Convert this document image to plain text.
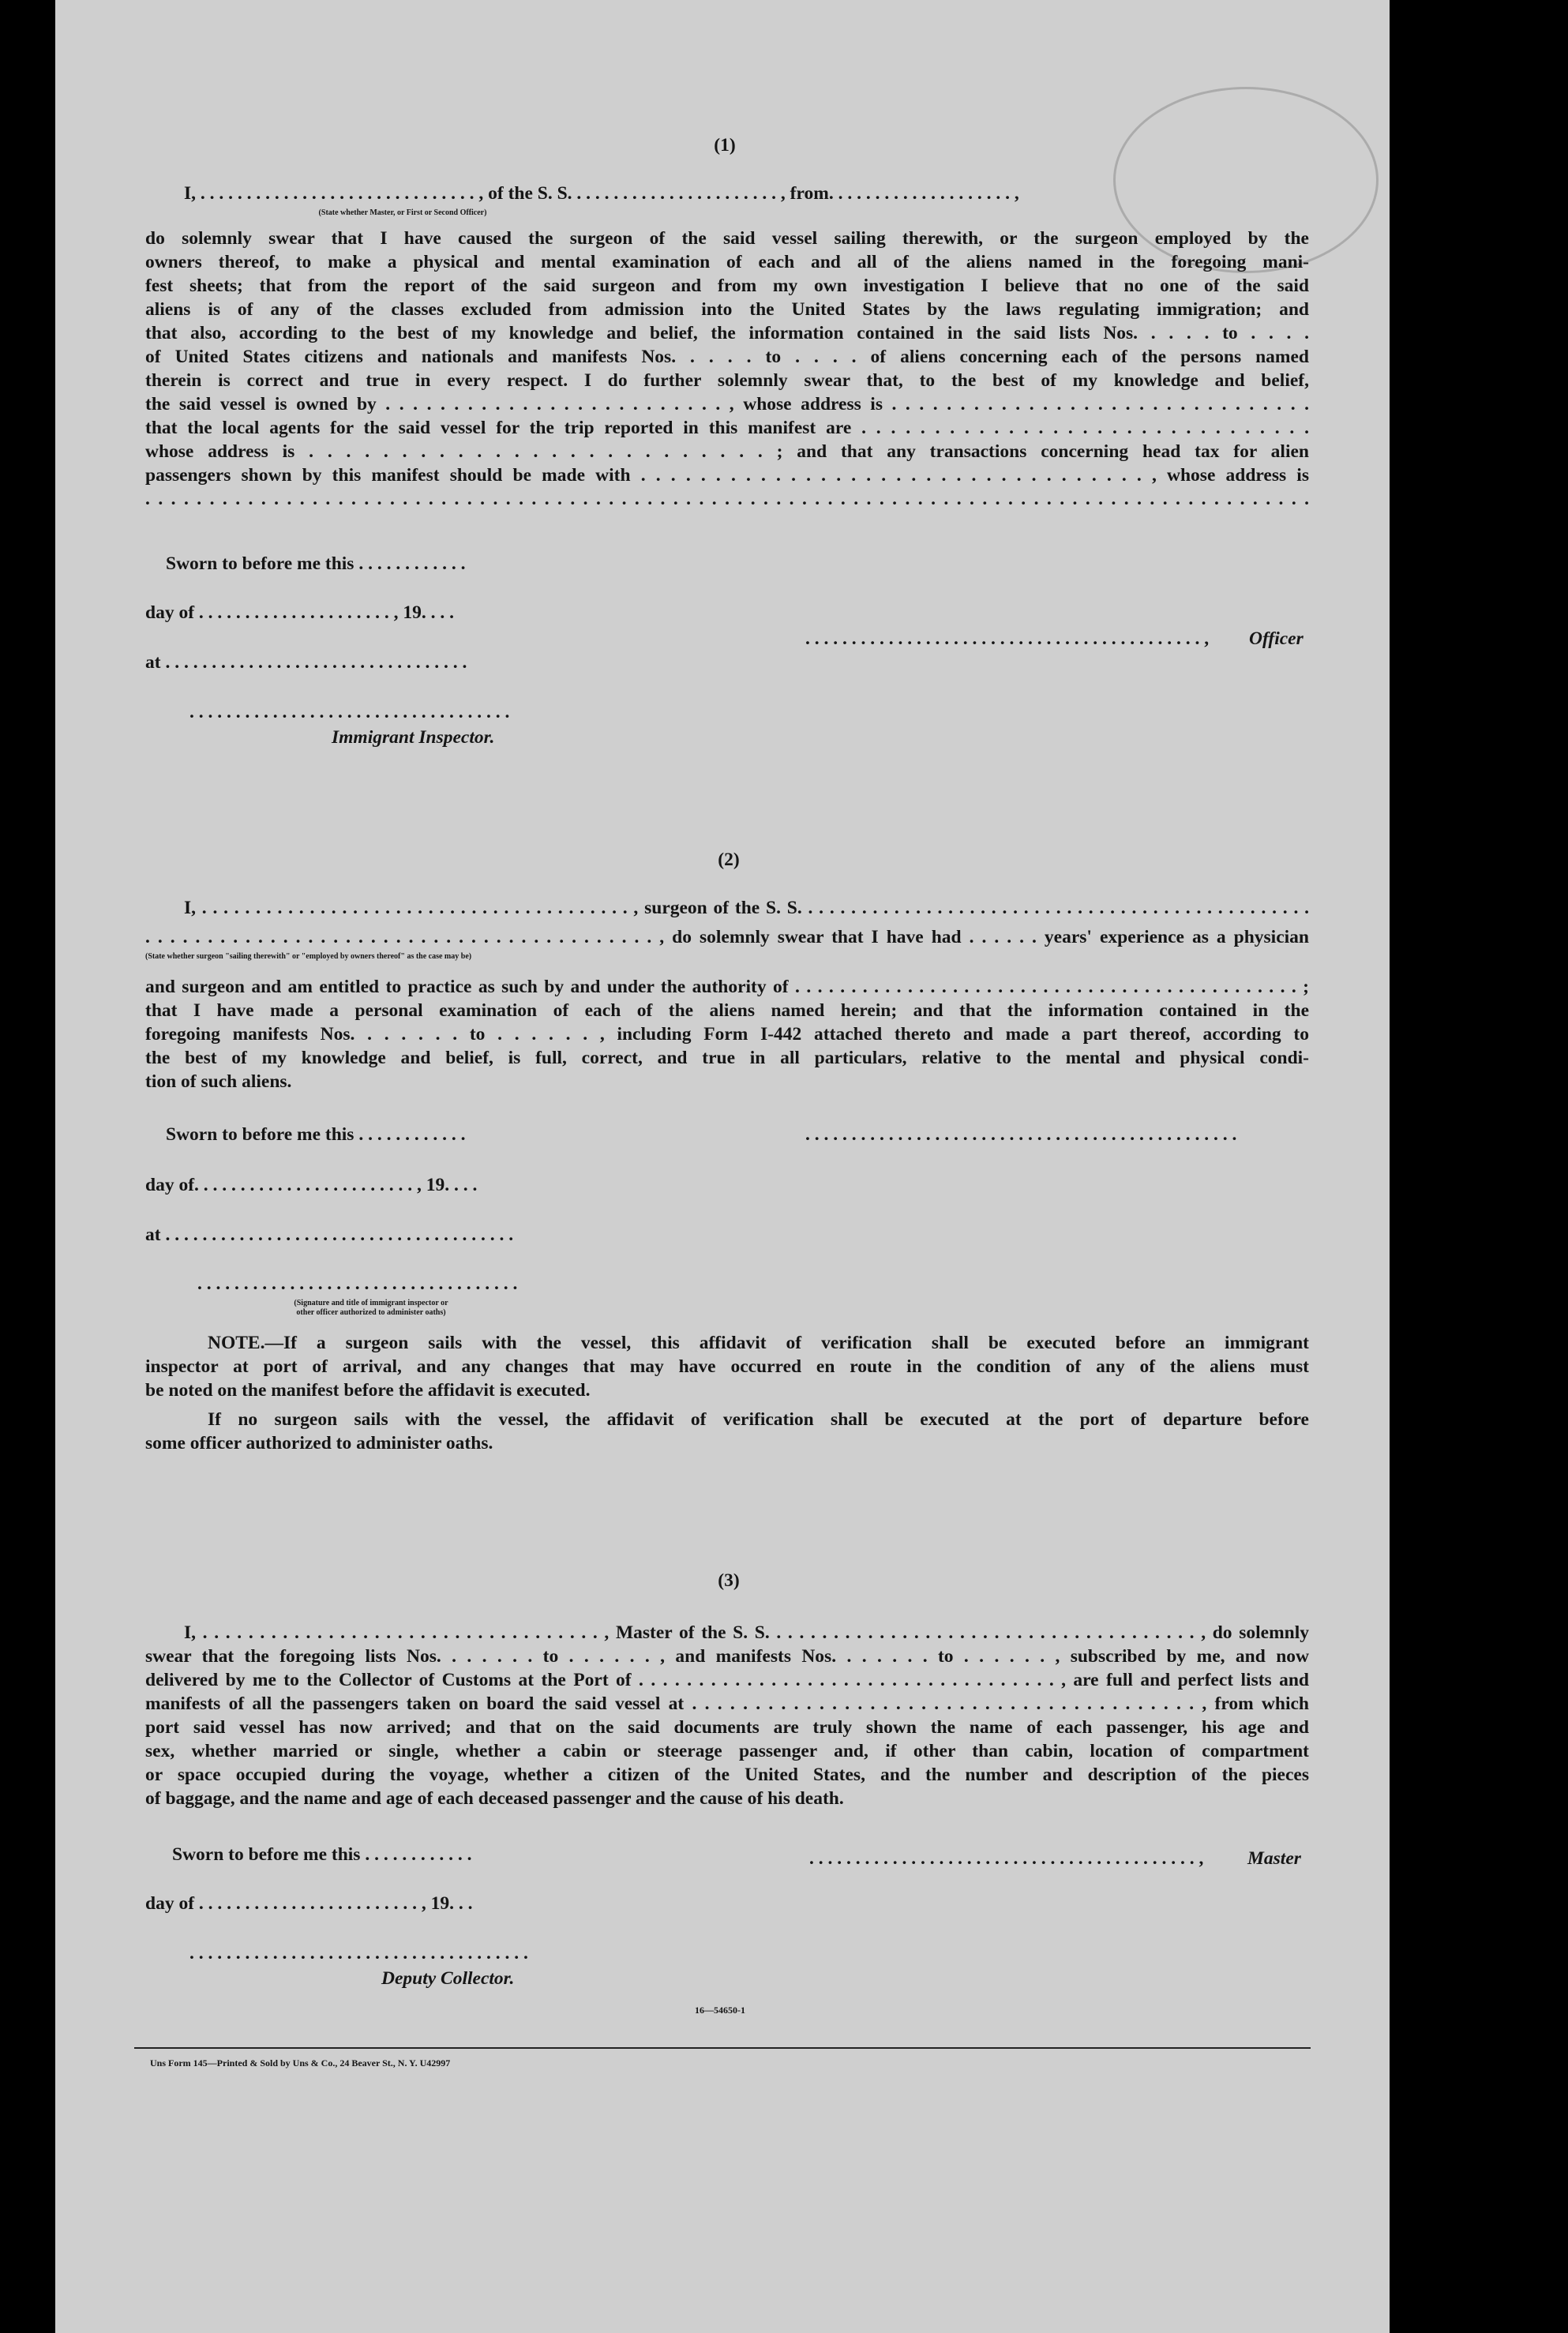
(1)
I, . . . . . . . . . . . . . . . . . . . . . . . . . . . . . . , of the S. S. . . . . . . . . . . . . . . . . . . . . . . , from. . . . . . . . . . . . . . . . . . . . ,
(State whether Master, or First or Second Officer)
do solemnly swear that I have caused the surgeon of the said vessel sailing therewith, or the surgeon employed by the
owners thereof, to make a physical and mental examination of each and all of the aliens named in the foregoing mani-
fest sheets; that from the report of the said surgeon and from my own investigation I believe that no one of the said
aliens is of any of the classes excluded from admission into the United States by the laws regulating immigration; and
that also, according to the best of my knowledge and belief, the information contained in the said lists Nos. . . . . to . . . .
of United States citizens and nationals and manifests Nos. . . . . to . . . . of aliens concerning each of the persons named
therein is correct and true in every respect. I do further solemnly swear that, to the best of my knowledge and belief,
the said vessel is owned by . . . . . . . . . . . . . . . . . . . . . . . . . , whose address is . . . . . . . . . . . . . . . . . . . . . . . . . . . . . . .
that the local agents for the said vessel for the trip reported in this manifest are . . . . . . . . . . . . . . . . . . . . . . . . . . . . . . .
whose address is . . . . . . . . . . . . . . . . . . . . . . . . . ; and that any transactions concerning head tax for alien
passengers shown by this manifest should be made with . . . . . . . . . . . . . . . . . . . . . . . . . . . . . . . . . . , whose address is
. . . . . . . . . . . . . . . . . . . . . . . . . . . . . . . . . . . . . . . . . . . . . . . . . . . . . . . . . . . . . . . . . . . . . . . . . . . . . . . . . . . . . . . . . . .
Sworn to before me this . . . . . . . . . . . .
day of . . . . . . . . . . . . . . . . . . . . . , 19. . . .
at . . . . . . . . . . . . . . . . . . . . . . . . . . . . . . . . .
. . . . . . . . . . . . . . . . . . . . . . . . . . . . . . . . . . .
Immigrant Inspector.
. . . . . . . . . . . . . . . . . . . . . . . . . . . . . . . . . . . . . . . . . . . ,	Officer
(2)
I, . . . . . . . . . . . . . . . . . . . . . . . . . . . . . . . . . . . . . . . . , surgeon of the S. S. . . . . . . . . . . . . . . . . . . . . . . . . . . . . . . . . . . . . . . . . . . . . . . .
. . . . . . . . . . . . . . . . . . . . . . . . . . . . . . . . . . . . . . . . . , do solemnly swear that I have had . . . . . . years' experience as a physician
(State whether surgeon "sailing therewith" or "employed by owners thereof" as the case may be)
and surgeon and am entitled to practice as such by and under the authority of . . . . . . . . . . . . . . . . . . . . . . . . . . . . . . . . . . . . . . . . . . . . . ;
that I have made a personal examination of each of the aliens named herein; and that the information contained in the
foregoing manifests Nos. . . . . . . to . . . . . . , including Form I-442 attached thereto and made a part thereof, according to
the best of my knowledge and belief, is full, correct, and true in all particulars, relative to the mental and physical condi-
tion of such aliens.
Sworn to before me this . . . . . . . . . . . .
day of. . . . . . . . . . . . . . . . . . . . . . . . , 19. . . .
at . . . . . . . . . . . . . . . . . . . . . . . . . . . . . . . . . . . . . .
. . . . . . . . . . . . . . . . . . . . . . . . . . . . . . . . . . . . . . . . . . . . . . .
. . . . . . . . . . . . . . . . . . . . . . . . . . . . . . . . . . .
(Signature and title of immigrant inspector or
other officer authorized to administer oaths)
NOTE.—If a surgeon sails with the vessel, this affidavit of verification shall be executed before an immigrant
inspector at port of arrival, and any changes that may have occurred en route in the condition of any of the aliens must
be noted on the manifest before the affidavit is executed.
If no surgeon sails with the vessel, the affidavit of verification shall be executed at the port of departure before
some officer authorized to administer oaths.
(3)
I, . . . . . . . . . . . . . . . . . . . . . . . . . . . . . . . . . . . , Master of the S. S. . . . . . . . . . . . . . . . . . . . . . . . . . . . . . . . . . . . . . , do solemnly
swear that the foregoing lists Nos. . . . . . . to . . . . . . , and manifests Nos. . . . . . . to . . . . . . , subscribed by me, and now
delivered by me to the Collector of Customs at the Port of . . . . . . . . . . . . . . . . . . . . . . . . . . . . . . . . . . . , are full and perfect lists and
manifests of all the passengers taken on board the said vessel at . . . . . . . . . . . . . . . . . . . . . . . . . . . . . . . . . . . . . . . . , from which
port said vessel has now arrived; and that on the said documents are truly shown the name of each passenger, his age and
sex, whether married or single, whether a cabin or steerage passenger and, if other than cabin, location of compartment
or space occupied during the voyage, whether a citizen of the United States, and the number and description of the pieces
of baggage, and the name and age of each deceased passenger and the cause of his death.
Sworn to before me this . . . . . . . . . . . .
day of . . . . . . . . . . . . . . . . . . . . . . . . , 19. . .
. . . . . . . . . . . . . . . . . . . . . . . . . . . . . . . . . . . . .
Deputy Collector.
. . . . . . . . . . . . . . . . . . . . . . . . . . . . . . . . . . . . . . . . . . ,	Master
16—54650-1
Uns Form 145—Printed & Sold by Uns & Co., 24 Beaver St., N. Y. U42997
